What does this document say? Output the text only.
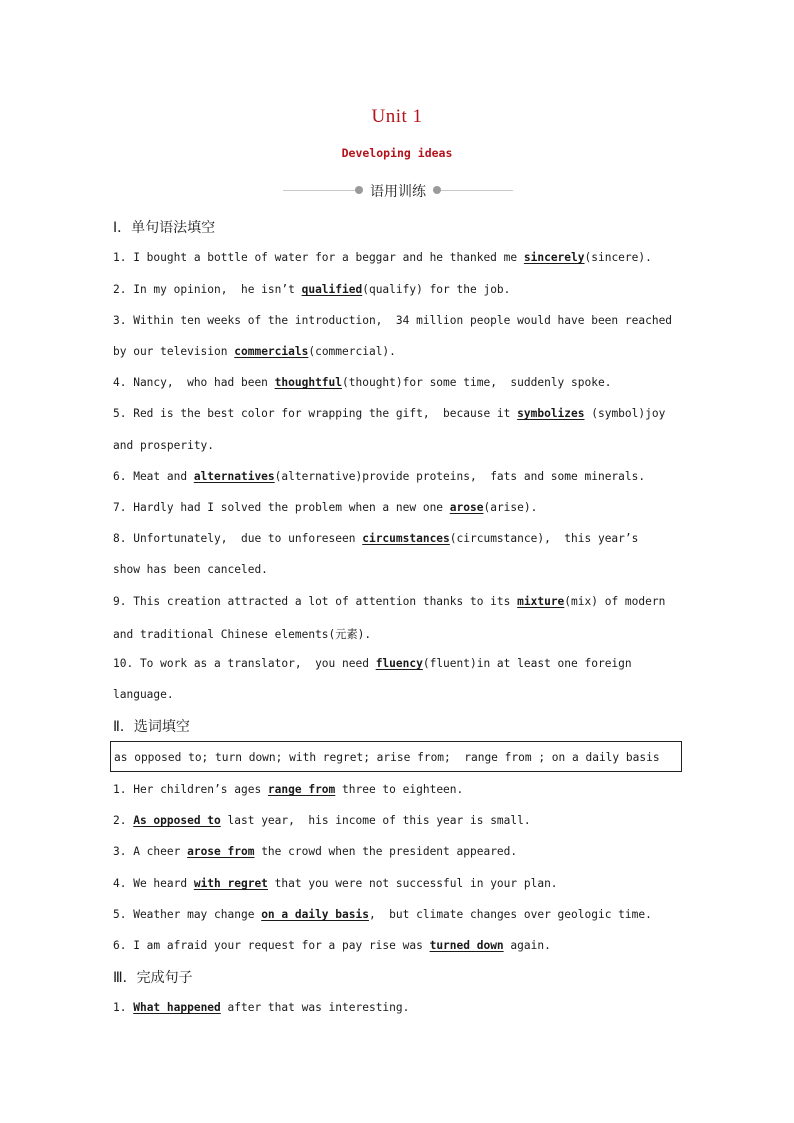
Unit 1
Developing ideas
语用训练
Ⅰ．单句语法填空
1. I bought a bottle of water for a beggar and he thanked me sincerely(sincere).
2. In my opinion,  he isn’t qualified(qualify) for the job.
3. Within ten weeks of the introduction,  34 million people would have been reached
by our television commercials(commercial).
4. Nancy,  who had been thoughtful(thought)for some time,  suddenly spoke.
5. Red is the best color for wrapping the gift,  because it symbolizes (symbol)joy
and prosperity.
6. Meat and alternatives(alternative)provide proteins,  fats and some minerals.
7. Hardly had I solved the problem when a new one arose(arise).
8. Unfortunately,  due to unforeseen circumstances(circumstance),  this year’s
show has been canceled.
9. This creation attracted a lot of attention thanks to its mixture(mix) of modern
and traditional Chinese elements(元素).
10. To work as a translator,  you need fluency(fluent)in at least one foreign
language.
Ⅱ．选词填空
as opposed to; turn down; with regret; arise from;  range from ; on a daily basis
1. Her children’s ages range from three to eighteen.
2. As opposed to last year,  his income of this year is small.
3. A cheer arose from the crowd when the president appeared.
4. We heard with regret that you were not successful in your plan.
5. Weather may change on a daily basis,  but climate changes over geologic time.
6. I am afraid your request for a pay rise was turned down again.
Ⅲ．完成句子
1. What happened after that was interesting.
